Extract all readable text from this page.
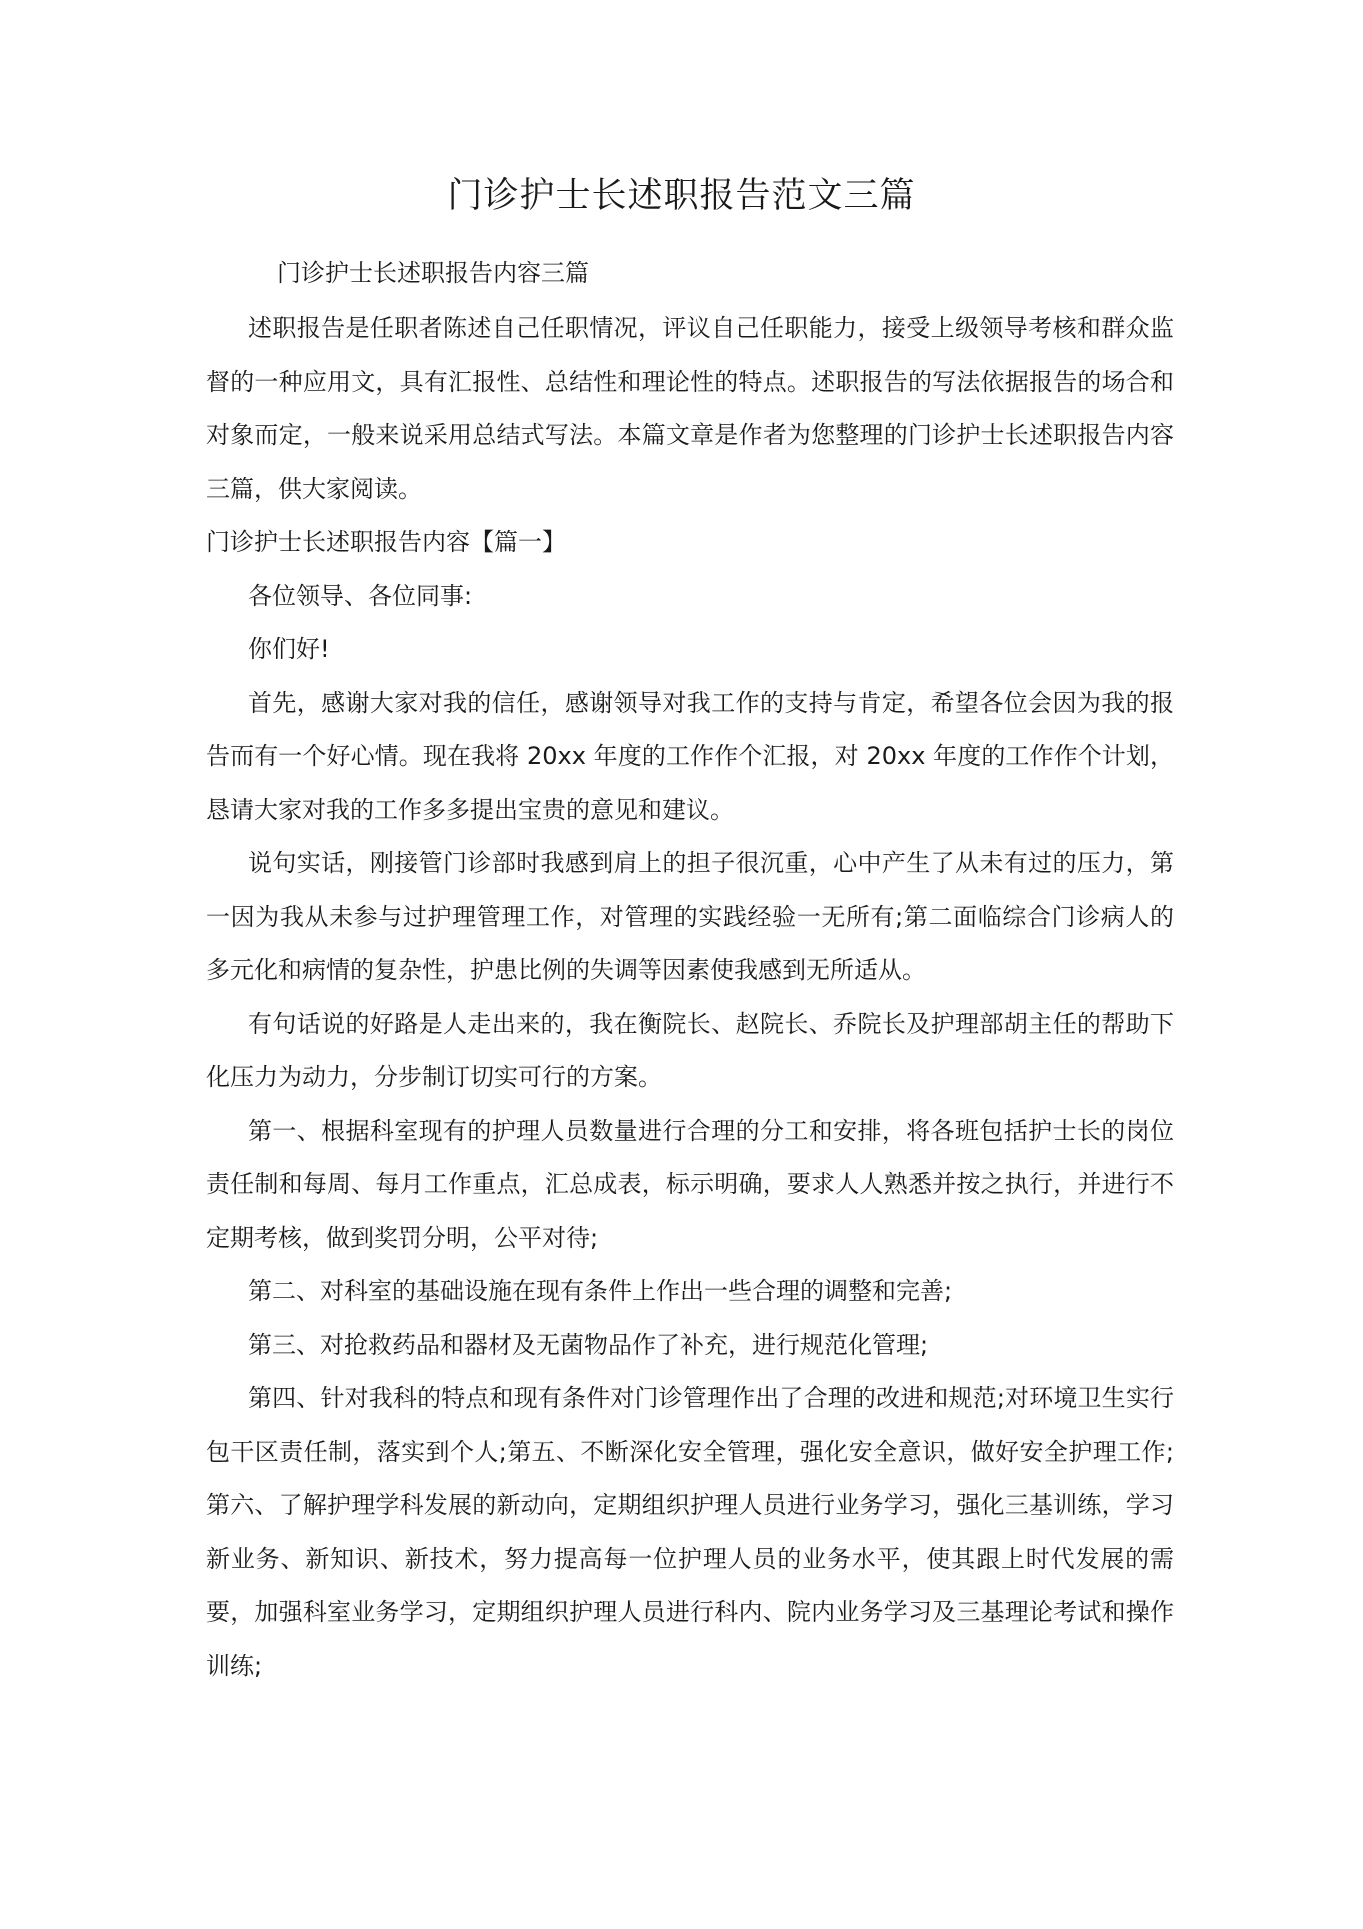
门诊护士长述职报告范文三篇
门诊护士长述职报告内容三篇

述职报告是任职者陈述自己任职情况，评议自己任职能力，接受上级领导考核和群众监督的一种应用文，具有汇报性、总结性和理论性的特点。述职报告的写法依据报告的场合和对象而定，一般来说采用总结式写法。本篇文章是作者为您整理的门诊护士长述职报告内容三篇，供大家阅读。

门诊护士长述职报告内容【篇一】

各位领导、各位同事:

你们好!

首先，感谢大家对我的信任，感谢领导对我工作的支持与肯定，希望各位会因为我的报告而有一个好心情。现在我将 20xx 年度的工作作个汇报，对 20xx 年度的工作作个计划，恳请大家对我的工作多多提出宝贵的意见和建议。

说句实话，刚接管门诊部时我感到肩上的担子很沉重，心中产生了从未有过的压力，第一因为我从未参与过护理管理工作，对管理的实践经验一无所有;第二面临综合门诊病人的多元化和病情的复杂性，护患比例的失调等因素使我感到无所适从。

有句话说的好路是人走出来的，我在衡院长、赵院长、乔院长及护理部胡主任的帮助下化压力为动力，分步制订切实可行的方案。

第一、根据科室现有的护理人员数量进行合理的分工和安排，将各班包括护士长的岗位责任制和每周、每月工作重点，汇总成表，标示明确，要求人人熟悉并按之执行，并进行不定期考核，做到奖罚分明，公平对待;

第二、对科室的基础设施在现有条件上作出一些合理的调整和完善;

第三、对抢救药品和器材及无菌物品作了补充，进行规范化管理;

第四、针对我科的特点和现有条件对门诊管理作出了合理的改进和规范;对环境卫生实行包干区责任制，落实到个人;第五、不断深化安全管理，强化安全意识，做好安全护理工作;第六、了解护理学科发展的新动向，定期组织护理人员进行业务学习，强化三基训练，学习新业务、新知识、新技术，努力提高每一位护理人员的业务水平，使其跟上时代发展的需要，加强科室业务学习，定期组织护理人员进行科内、院内业务学习及三基理论考试和操作训练;
